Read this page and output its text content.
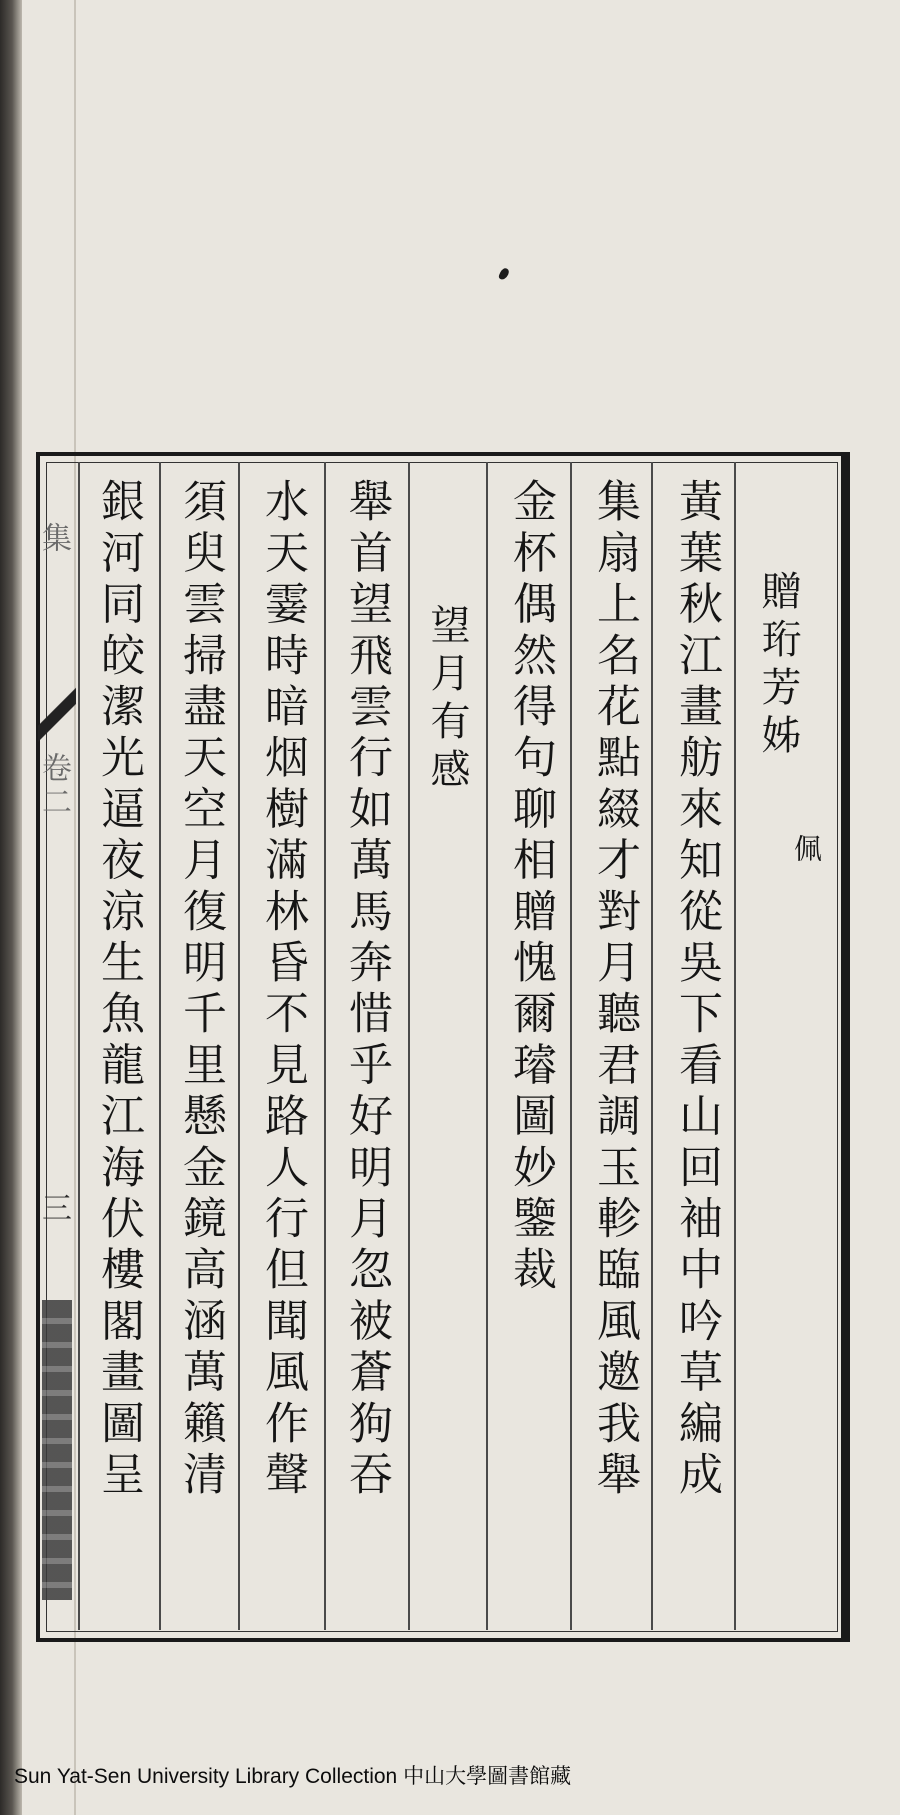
集
卷二
三
贈珩芳姊
佩
黃葉秋江畫舫來知從吳下看山回袖中吟草編成
集扇上名花點綴才對月聽君調玉軫臨風邀我舉
金杯偶然得句聊相贈愧爾璿圖妙鑒裁
望月有感
舉首望飛雲行如萬馬奔惜乎好明月忽被蒼狗吞
水天霎時暗烟樹滿林昏不見路人行但聞風作聲
須臾雲掃盡天空月復明千里懸金鏡高涵萬籟清
銀河同皎潔光逼夜涼生魚龍江海伏樓閣畫圖呈
Sun Yat-Sen University Library Collection 中山大學圖書館藏
